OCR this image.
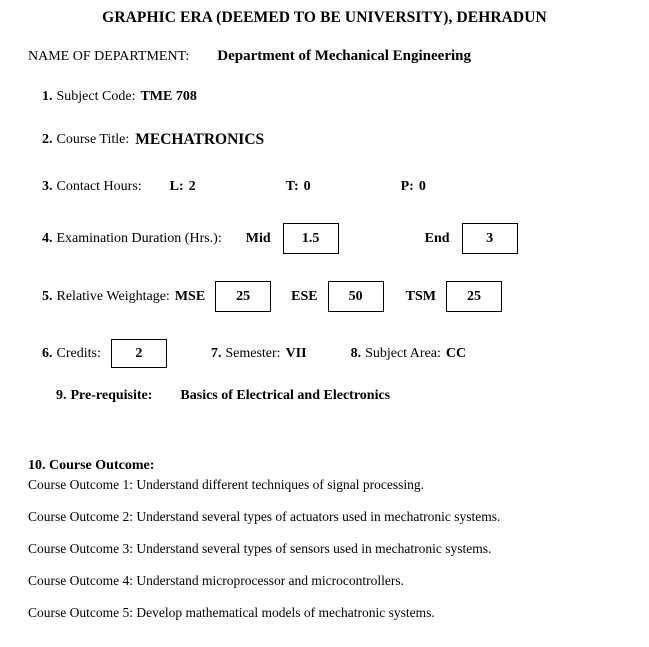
GRAPHIC ERA (DEEMED TO BE UNIVERSITY), DEHRADUN
NAME OF DEPARTMENT: Department of Mechanical Engineering
1. Subject Code: TME 708
2. Course Title: MECHATRONICS
3. Contact Hours: L: 2	T: 0	P: 0
4. Examination Duration (Hrs.): Mid	1.5	End	3
5. Relative Weightage: MSE	25	ESE	50	TSM	25
6. Credits:	2	7. Semester: VII	8. Subject Area: CC
9. Pre-requisite: Basics of Electrical and Electronics
10. Course Outcome:
Course Outcome 1: Understand different techniques of signal processing.
Course Outcome 2: Understand several types of actuators used in mechatronic systems.
Course Outcome 3: Understand several types of sensors used in mechatronic systems.
Course Outcome 4: Understand microprocessor and microcontrollers.
Course Outcome 5: Develop mathematical models of mechatronic systems.
